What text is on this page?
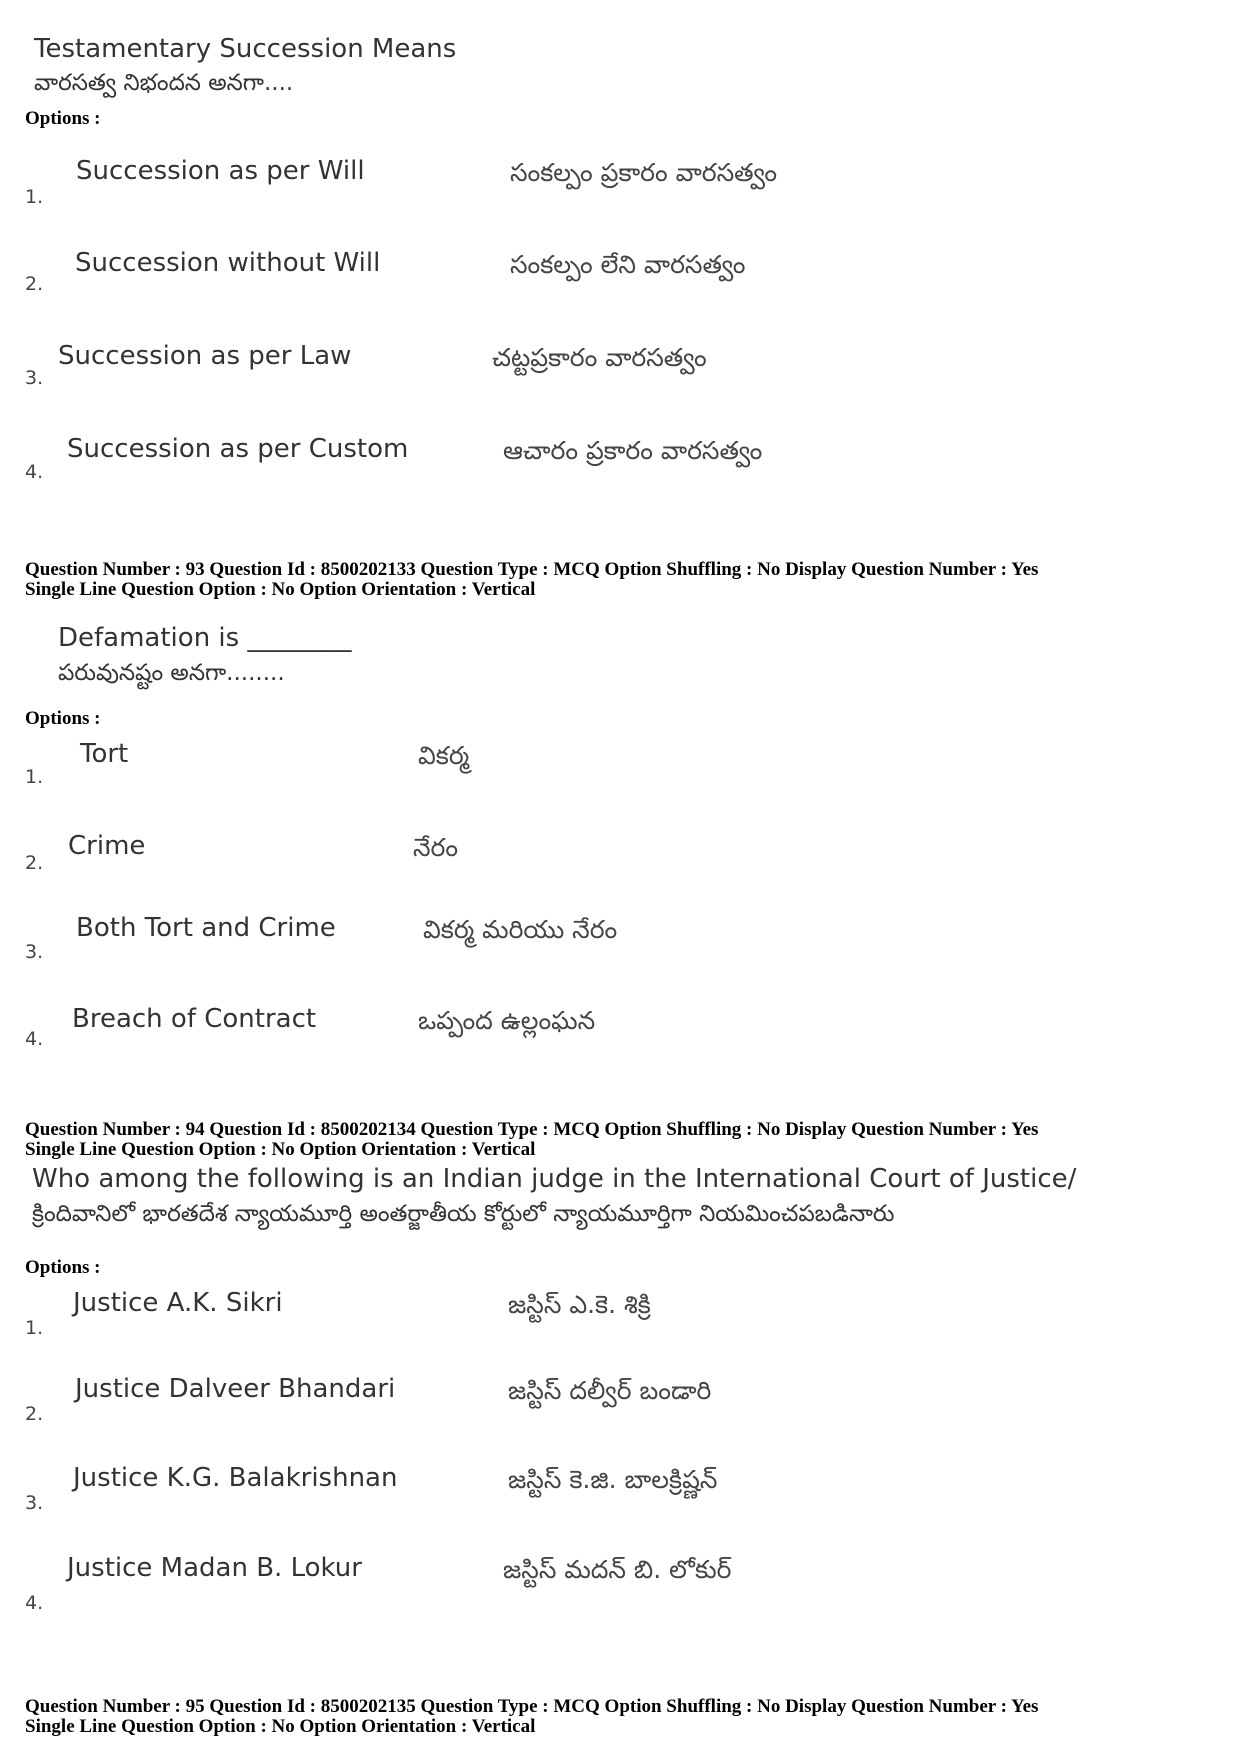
Testamentary Succession Means
వారసత్వ నిభందన అనగా....
Options :
1.
Succession as per Will	సంకల్పం ప్రకారం వారసత్వం
2.
Succession without Will	సంకల్పం లేని వారసత్వం
3.
Succession as per Law	చట్టప్రకారం వారసత్వం
4.
Succession as per Custom	ఆచారం ప్రకారం వారసత్వం
Question Number : 93 Question Id : 8500202133 Question Type : MCQ Option Shuffling : No Display Question Number : Yes
Single Line Question Option : No Option Orientation : Vertical
Defamation is ________
పరువునష్టం అనగా........
Options :
1.
Tort	వికర్మ
2.
Crime	నేరం
3.
Both Tort and Crime	వికర్మ మరియు నేరం
4.
Breach of Contract	ఒప్పంద ఉల్లంఘన
Question Number : 94 Question Id : 8500202134 Question Type : MCQ Option Shuffling : No Display Question Number : Yes
Single Line Question Option : No Option Orientation : Vertical
Who among the following is an Indian judge in the International Court of Justice/
క్రిందివానిలో భారతదేశ న్యాయమూర్తి అంతర్జాతీయ కోర్టులో న్యాయమూర్తిగా నియమించపబడినారు
Options :
1.
Justice A.K. Sikri	జస్టిస్ ఎ.కె. శిక్రి
2.
Justice Dalveer Bhandari	జస్టిస్ దల్వీర్ బండారి
3.
Justice K.G. Balakrishnan	జస్టిస్ కె.జి. బాలక్రిష్ణన్
4.
Justice Madan B. Lokur	జస్టిస్ మదన్ బి. లోకుర్
Question Number : 95 Question Id : 8500202135 Question Type : MCQ Option Shuffling : No Display Question Number : Yes
Single Line Question Option : No Option Orientation : Vertical
